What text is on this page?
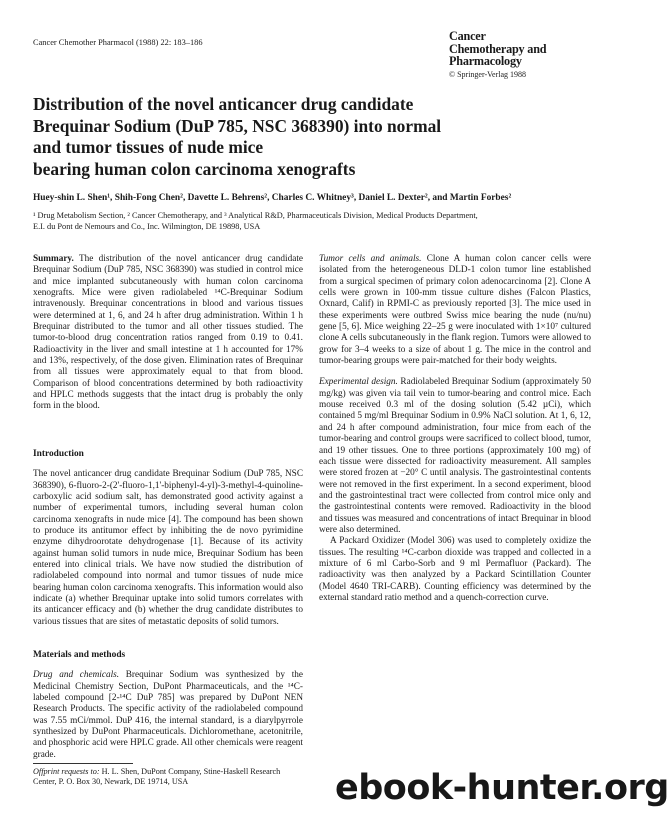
Cancer Chemother Pharmacol (1988) 22: 183–186	Cancer
Chemotherapy and
Pharmacology
© Springer-Verlag 1988
Distribution of the novel anticancer drug candidate
Brequinar Sodium (DuP 785, NSC 368390) into normal
and tumor tissues of nude mice
bearing human colon carcinoma xenografts
Huey-shin L. Shen¹, Shih-Fong Chen², Davette L. Behrens², Charles C. Whitney³, Daniel L. Dexter², and Martin Forbes²
¹ Drug Metabolism Section, ² Cancer Chemotherapy, and ³ Analytical R&D, Pharmaceuticals Division, Medical Products Department,
E.I. du Pont de Nemours and Co., Inc. Wilmington, DE 19898, USA

Summary. The distribution of the novel anticancer drug candidate Brequinar Sodium (DuP 785, NSC 368390) was studied in control mice and mice implanted subcutaneously with human colon carcinoma xenografts. Mice were given radiolabeled ¹⁴C-Brequinar Sodium intravenously. Brequinar concentrations in blood and various tissues were determined at 1, 6, and 24 h after drug administration. Within 1 h Brequinar distributed to the tumor and all other tissues studied. The tumor-to-blood drug concentration ratios ranged from 0.19 to 0.41. Radioactivity in the liver and small intestine at 1 h accounted for 17% and 13%, respectively, of the dose given. Elimination rates of Brequinar from all tissues were approximately equal to that from blood. Comparison of blood concentrations determined by both radioactivity and HPLC methods suggests that the intact drug is probably the only form in the blood.

Introduction

The novel anticancer drug candidate Brequinar Sodium (DuP 785, NSC 368390), 6-fluoro-2-(2'-fluoro-1,1'-biphenyl-4-yl)-3-methyl-4-quinoline-carboxylic acid sodium salt, has demonstrated good activity against a number of experimental tumors, including several human colon carcinoma xenografts in nude mice [4]. The compound has been shown to produce its antitumor effect by inhibiting the de novo pyrimidine enzyme dihydroorotate dehydrogenase [1]. Because of its activity against human solid tumors in nude mice, Brequinar Sodium has been entered into clinical trials. We have now studied the distribution of radiolabeled compound into normal and tumor tissues of nude mice bearing human colon carcinoma xenografts. This information would also indicate (a) whether Brequinar uptake into solid tumors correlates with its anticancer efficacy and (b) whether the drug candidate distributes to various tissues that are sites of metastatic deposits of solid tumors.

Materials and methods

Drug and chemicals. Brequinar Sodium was synthesized by the Medicinal Chemistry Section, DuPont Pharmaceuticals, and the ¹⁴C-labeled compound [2-¹⁴C DuP 785] was prepared by DuPont NEN Research Products. The specific activity of the radiolabeled compound was 7.55 mCi/mmol. DuP 416, the internal standard, is a diarylpyrrole synthesized by DuPont Pharmaceuticals. Dichloromethane, acetonitrile, and phosphoric acid were HPLC grade. All other chemicals were reagent grade.

Tumor cells and animals. Clone A human colon cancer cells were isolated from the heterogeneous DLD-1 colon tumor line established from a surgical specimen of primary colon adenocarcinoma [2]. Clone A cells were grown in 100-mm tissue culture dishes (Falcon Plastics, Oxnard, Calif) in RPMI-C as previously reported [3]. The mice used in these experiments were outbred Swiss mice bearing the nude (nu/nu) gene [5, 6]. Mice weighing 22–25 g were inoculated with 1×10⁷ cultured clone A cells subcutaneously in the flank region. Tumors were allowed to grow for 3–4 weeks to a size of about 1 g. The mice in the control and tumor-bearing groups were pair-matched for their body weights.

Experimental design. Radiolabeled Brequinar Sodium (approximately 50 mg/kg) was given via tail vein to tumor-bearing and control mice. Each mouse received 0.3 ml of the dosing solution (5.42 µCi), which contained 5 mg/ml Brequinar Sodium in 0.9% NaCl solution. At 1, 6, 12, and 24 h after compound administration, four mice from each of the tumor-bearing and control groups were sacrificed to collect blood, tumor, and 19 other tissues. One to three portions (approximately 100 mg) of each tissue were dissected for radioactivity measurement. All samples were stored frozen at −20° C until analysis. The gastrointestinal contents were not removed in the first experiment. In a second experiment, blood and the gastrointestinal tract were collected from control mice only and the gastrointestinal contents were removed. Radioactivity in the blood and tissues was measured and concentrations of intact Brequinar in blood were also determined.

A Packard Oxidizer (Model 306) was used to completely oxidize the tissues. The resulting ¹⁴C-carbon dioxide was trapped and collected in a mixture of 6 ml Carbo-Sorb and 9 ml Permafluor (Packard). The radioactivity was then analyzed by a Packard Scintillation Counter (Model 4640 TRI-CARB). Counting efficiency was determined by the external standard ratio method and a quench-correction curve.

Offprint requests to: H. L. Shen, DuPont Company, Stine-Haskell Research Center, P. O. Box 30, Newark, DE 19714, USA	ebook-hunter.org
